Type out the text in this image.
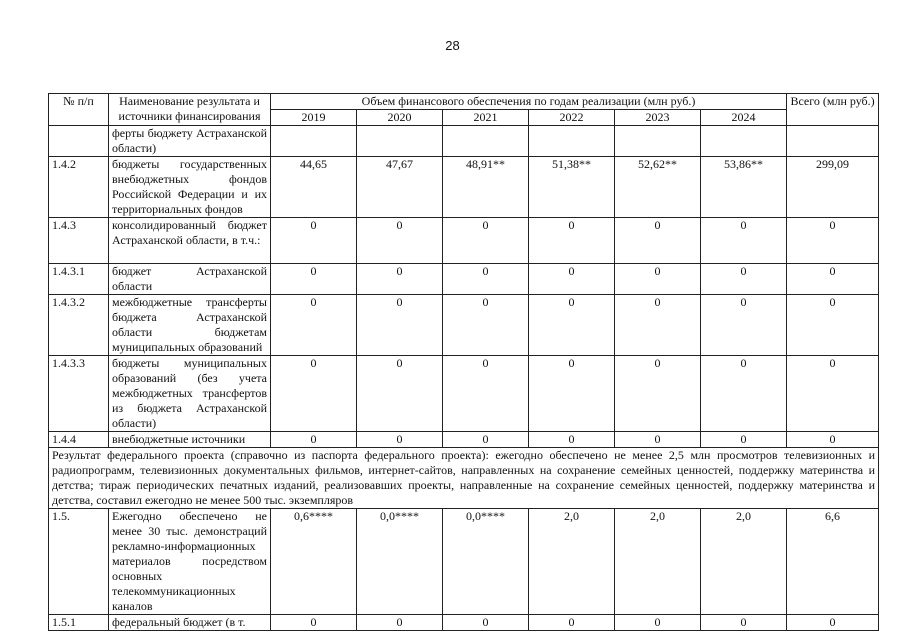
28
№ п/п	Наименование результата и источники финансирования	Объем финансового обеспечения по годам реализации (млн руб.)						Всего (млн руб.)
		2019	2020	2021	2022	2023	2024	
	ферты бюджету Астраханской области)							
1.4.2	бюджеты государственных внебюджетных фондов Российской Федерации и их территориальных фондов	44,65	47,67	48,91**	51,38**	52,62**	53,86**	299,09
1.4.3	консолидированный бюджет Астраханской области, в т.ч.:	0	0	0	0	0	0	0
1.4.3.1	бюджет Астраханской области	0	0	0	0	0	0	0
1.4.3.2	межбюджетные трансферты бюджета Астраханской области бюджетам муниципальных образований	0	0	0	0	0	0	0
1.4.3.3	бюджеты муниципальных образований (без учета межбюджетных трансфертов из бюджета Астраханской области)	0	0	0	0	0	0	0
1.4.4	внебюджетные источники	0	0	0	0	0	0	0
Результат федерального проекта (справочно из паспорта федерального проекта): ежегодно обеспечено не менее 2,5 млн просмотров телевизионных и радиопрограмм, телевизионных документальных фильмов, интернет-сайтов, направленных на сохранение семейных ценностей, поддержку материнства и детства; тираж периодических печатных изданий, реализовавших проекты, направленные на сохранение семейных ценностей, поддержку материнства и детства, составил ежегодно не менее 500 тыс. экземпляров								
1.5.	Ежегодно обеспечено не менее 30 тыс. демонстраций рекламно-информационных материалов посредством основных телекоммуникационных каналов	0,6****	0,0****	0,0****	2,0	2,0	2,0	6,6
1.5.1	федеральный бюджет (в т.	0	0	0	0	0	0	0
